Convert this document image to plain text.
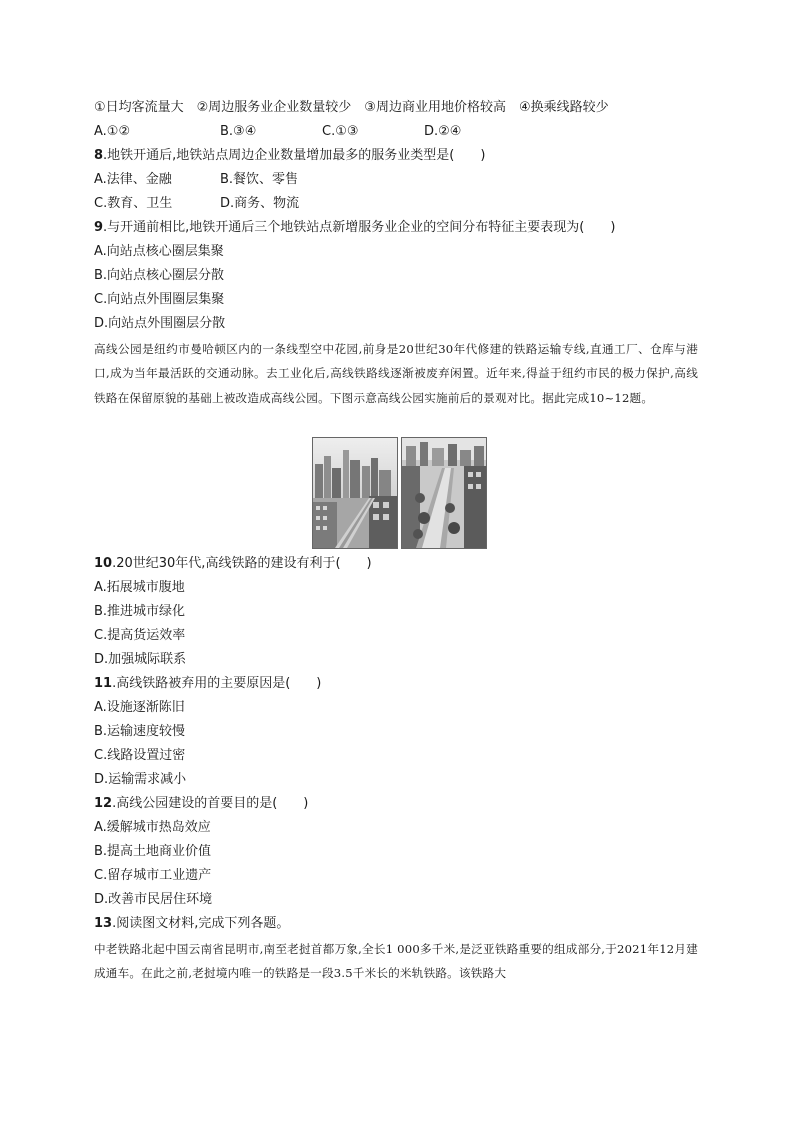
①日均客流量大　②周边服务业企业数量较少　③周边商业用地价格较高　④换乘线路较少
A.①②	B.③④	C.①③	D.②④
8.地铁开通后,地铁站点周边企业数量增加最多的服务业类型是(　　)
A.法律、金融	B.餐饮、零售
C.教育、卫生	D.商务、物流
9.与开通前相比,地铁开通后三个地铁站点新增服务业企业的空间分布特征主要表现为(　　)
A.向站点核心圈层集聚
B.向站点核心圈层分散
C.向站点外围圈层集聚
D.向站点外围圈层分散
高线公园是纽约市曼哈顿区内的一条线型空中花园,前身是20世纪30年代修建的铁路运输专线,直通工厂、仓库与港口,成为当年最活跃的交通动脉。去工业化后,高线铁路线逐渐被废弃闲置。近年来,得益于纽约市民的极力保护,高线铁路在保留原貌的基础上被改造成高线公园。下图示意高线公园实施前后的景观对比。据此完成10~12题。
10.20世纪30年代,高线铁路的建设有利于(　　)
A.拓展城市腹地
B.推进城市绿化
C.提高货运效率
D.加强城际联系
11.高线铁路被弃用的主要原因是(　　)
A.设施逐渐陈旧
B.运输速度较慢
C.线路设置过密
D.运输需求减小
12.高线公园建设的首要目的是(　　)
A.缓解城市热岛效应
B.提高土地商业价值
C.留存城市工业遗产
D.改善市民居住环境
13.阅读图文材料,完成下列各题。
中老铁路北起中国云南省昆明市,南至老挝首都万象,全长1 000多千米,是泛亚铁路重要的组成部分,于2021年12月建成通车。在此之前,老挝境内唯一的铁路是一段3.5千米长的米轨铁路。该铁路大
